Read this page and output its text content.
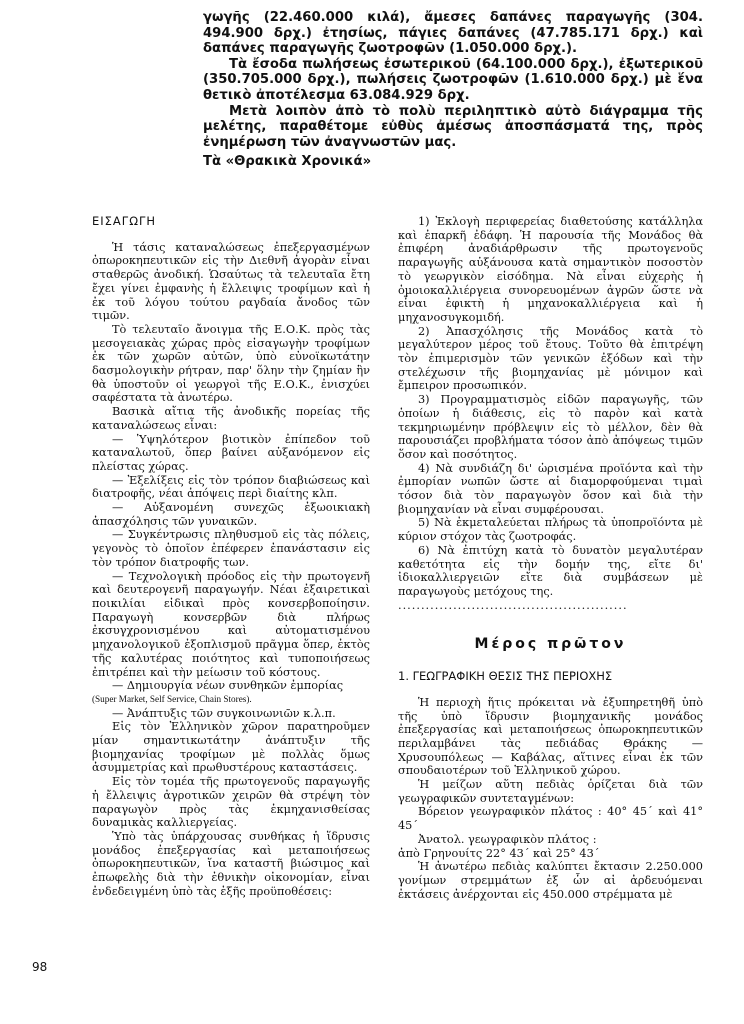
γωγῆς (22.460.000 κιλά), ἄμεσες δαπάνες παραγωγῆς (304. 494.900 δρχ.) ἐτησίως, πάγιες δαπάνες (47.785.171 δρχ.) καὶ δαπάνες παραγωγῆς ζωοτροφῶν (1.050.000 δρχ.).

Τὰ ἔσοδα πωλήσεως ἐσωτερικοῦ (64.100.000 δρχ.), ἐξωτερικοῦ (350.705.000 δρχ.), πωλήσεις ζωοτροφῶν (1.610.000 δρχ.) μὲ ἕνα θετικὸ ἀποτέλεσμα 63.084.929 δρχ.

Μετὰ λοιπὸν ἀπὸ τὸ πολὺ περιληπτικὸ αὐτὸ διάγραμμα τῆς μελέτης, παραθέτομε εὐθὺς ἀμέσως ἀποσπάσματά της, πρὸς ἐνημέρωση τῶν ἀναγνωστῶν μας.

Τὰ «Θρακικὰ Χρονικά»

ΕΙΣΑΓΩΓΗ

Ἡ τάσις καταναλώσεως ἐπεξεργασμένων ὀπωροκηπευτικῶν εἰς τὴν Διεθνῆ ἀγορὰν εἶναι σταθερῶς ἀνοδική. Ὡσαύτως τὰ τελευταῖα ἔτη ἔχει γίνει ἐμφανὴς ἡ ἔλλειψις τροφίμων καὶ ἡ ἐκ τοῦ λόγου τούτου ραγδαία ἄνοδος τῶν τιμῶν.

Τὸ τελευταῖο ἄνοιγμα τῆς Ε.Ο.Κ. πρὸς τὰς μεσογειακὰς χώρας πρὸς εἰσαγωγὴν τροφίμων ἐκ τῶν χωρῶν αὐτῶν, ὑπὸ εὐνοϊκωτάτην δασμολογικὴν ρήτραν, παρ' ὅλην τὴν ζημίαν ἣν θὰ ὑποστοῦν οἱ γεωργοὶ τῆς Ε.Ο.Κ., ἐνισχύει σαφέστατα τὰ ἀνωτέρω.

Βασικὰ αἴτια τῆς ἀνοδικῆς πορείας τῆς καταναλώσεως εἶναι:

— Ὑψηλότερον βιοτικὸν ἐπίπεδον τοῦ καταναλωτοῦ, ὅπερ βαίνει αὐξανόμενον εἰς πλείστας χώρας.

— Ἐξελίξεις εἰς τὸν τρόπον διαβιώσεως καὶ διατροφῆς, νέαι ἀπόψεις περὶ διαίτης κλπ.

— Αὐξανομένη συνεχῶς ἐξωοικιακὴ ἀπασχόλησις τῶν γυναικῶν.

— Συγκέντρωσις πληθυσμοῦ εἰς τὰς πόλεις, γεγονὸς τὸ ὁποῖον ἐπέφερεν ἐπανάστασιν εἰς τὸν τρόπον διατροφῆς των.

— Τεχνολογικὴ πρόοδος εἰς τὴν πρωτογενῆ καὶ δευτερογενῆ παραγωγήν. Νέαι ἐξαιρετικαὶ ποικιλίαι εἰδικαὶ πρὸς κονσερβοποίησιν. Παραγωγὴ κονσερβῶν διὰ πλήρως ἐκσυγχρονισμένου καὶ αὐτοματισμένου μηχανολογικοῦ ἐξοπλισμοῦ πρᾶγμα ὅπερ, ἐκτὸς τῆς καλυτέρας ποιότητος καὶ τυποποιήσεως ἐπιτρέπει καὶ τὴν μείωσιν τοῦ κόστους.

— Δημιουργία νέων συνθηκῶν ἐμπορίας

(Super Market, Self Service, Chain Stores).

— Ἀνάπτυξις τῶν συγκοινωνιῶν κ.λ.π.

Εἰς τὸν Ἑλληνικὸν χῶρον παρατηροῦμεν μίαν σημαντικωτάτην ἀνάπτυξιν τῆς βιομηχανίας τροφίμων μὲ πολλὰς ὅμως ἀσυμμετρίας καὶ πρωθυστέρους καταστάσεις.

Εἰς τὸν τομέα τῆς πρωτογενοῦς παραγωγῆς ἡ ἔλλειψις ἀγροτικῶν χειρῶν θὰ στρέψη τὸν παραγωγὸν πρὸς τὰς ἐκμηχανισθείσας δυναμικὰς καλλιεργείας.

Ὑπὸ τὰς ὑπάρχουσας συνθήκας ἡ ἵδρυσις μονάδος ἐπεξεργασίας καὶ μεταποιήσεως ὀπωροκηπευτικῶν, ἵνα καταστῆ βιώσιμος καὶ ἐπωφελὴς διὰ τὴν ἐθνικὴν οἰκονομίαν, εἶναι ἐνδεδειγμένη ὑπὸ τὰς ἑξῆς προϋποθέσεις:

1) Ἐκλογὴ περιφερείας διαθετούσης κατάλληλα καὶ ἐπαρκῆ ἐδάφη. Ἡ παρουσία τῆς Μονάδος θὰ ἐπιφέρη ἀναδιάρθρωσιν τῆς πρωτογενοῦς παραγωγῆς αὐξάνουσα κατὰ σημαντικὸν ποσοστὸν τὸ γεωργικὸν εἰσόδημα. Νὰ εἶναι εὐχερὴς ἡ ὁμοιοκαλλιέργεια συνορευομένων ἀγρῶν ὥστε νὰ εἶναι ἐφικτὴ ἡ μηχανοκαλλιέργεια καὶ ἡ μηχανοσυγκομιδή.

2) Ἀπασχόλησις τῆς Μονάδος κατὰ τὸ μεγαλύτερον μέρος τοῦ ἔτους. Τοῦτο θὰ ἐπιτρέψη τὸν ἐπιμερισμὸν τῶν γενικῶν ἐξόδων καὶ τὴν στελέχωσιν τῆς βιομηχανίας μὲ μόνιμον καὶ ἔμπειρον προσωπικόν.

3) Προγραμματισμὸς εἰδῶν παραγωγῆς, τῶν ὁποίων ἡ διάθεσις, εἰς τὸ παρὸν καὶ κατὰ τεκμηριωμένην πρόβλεψιν εἰς τὸ μέλλον, δὲν θὰ παρουσιάζει προβλήματα τόσον ἀπὸ ἀπόψεως τιμῶν ὅσον καὶ ποσότητος.

4) Νὰ συνδιάζη δι' ὡρισμένα προϊόντα καὶ τὴν ἐμπορίαν νωπῶν ὥστε αἱ διαμορφούμεναι τιμαὶ τόσον διὰ τὸν παραγωγὸν ὅσον καὶ διὰ τὴν βιομηχανίαν νὰ εἶναι συμφέρουσαι.

5) Νὰ ἐκμεταλεύεται πλήρως τὰ ὑποπροϊόντα μὲ κύριον στόχον τὰς ζωοτροφάς.

6) Νὰ ἐπιτύχη κατὰ τὸ δυνατὸν μεγαλυτέραν καθετότητα εἰς τὴν δομήν της, εἴτε δι' ἰδιοκαλλιεργειῶν εἴτε διὰ συμβάσεων μὲ παραγωγοὺς μετόχους της.

..................................................

Μέρος πρῶτον

1. ΓΕΩΓΡΑΦΙΚΗ ΘΕΣΙΣ ΤΗΣ ΠΕΡΙΟΧΗΣ

Ἡ περιοχὴ ἥτις πρόκειται νὰ ἐξυπηρετηθῆ ὑπὸ τῆς ὑπὸ ἵδρυσιν βιομηχανικῆς μονάδος ἐπεξεργασίας καὶ μεταποιήσεως ὀπωροκηπευτικῶν περιλαμβάνει τὰς πεδιάδας Θράκης — Χρυσουπόλεως — Καβάλας, αἵτινες εἶναι ἐκ τῶν σπουδαιοτέρων τοῦ Ἑλληνικοῦ χώρου.

Ἡ μείζων αὕτη πεδιὰς ὁρίζεται διὰ τῶν γεωγραφικῶν συντεταγμένων:

Βόρειον γεωγραφικὸν πλάτος : 40° 45΄ καὶ 41° 45΄

Ἀνατολ. γεωγραφικὸν πλάτος :

ἀπὸ Γρηνουίτς 22° 43΄ καὶ 25° 43΄

Ἡ ἀνωτέρω πεδιὰς καλύπτει ἔκτασιν 2.250.000 γονίμων στρεμμάτων ἐξ ὧν αἱ ἀρδευόμεναι ἐκτάσεις ἀνέρχονται εἰς 450.000 στρέμματα μὲ

98
